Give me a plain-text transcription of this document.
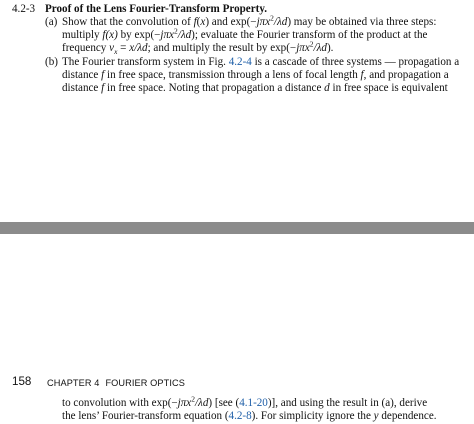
4.2-3 Proof of the Lens Fourier-Transform Property.
(a) Show that the convolution of f(x) and exp(−jπx$^2$/λd) may be obtained via three steps:
multiply f(x) by exp(−jπx$^2$/λd); evaluate the Fourier transform of the product at the
frequency $\nu_x = x/\lambda d$; and multiply the result by exp(−jπx$^2$/λd).
(b) The Fourier transform system in Fig. 4.2-4 is a cascade of three systems — propagation a
distance f in free space, transmission through a lens of focal length f, and propagation a
distance f in free space. Noting that propagation a distance d in free space is equivalent
158 CHAPTER 4 FOURIER OPTICS
to convolution with exp(−jπx$^2$/λd) [see (4.1-20)], and using the result in (a), derive
the lens’ Fourier-transform equation (4.2-8). For simplicity ignore the y dependence.
